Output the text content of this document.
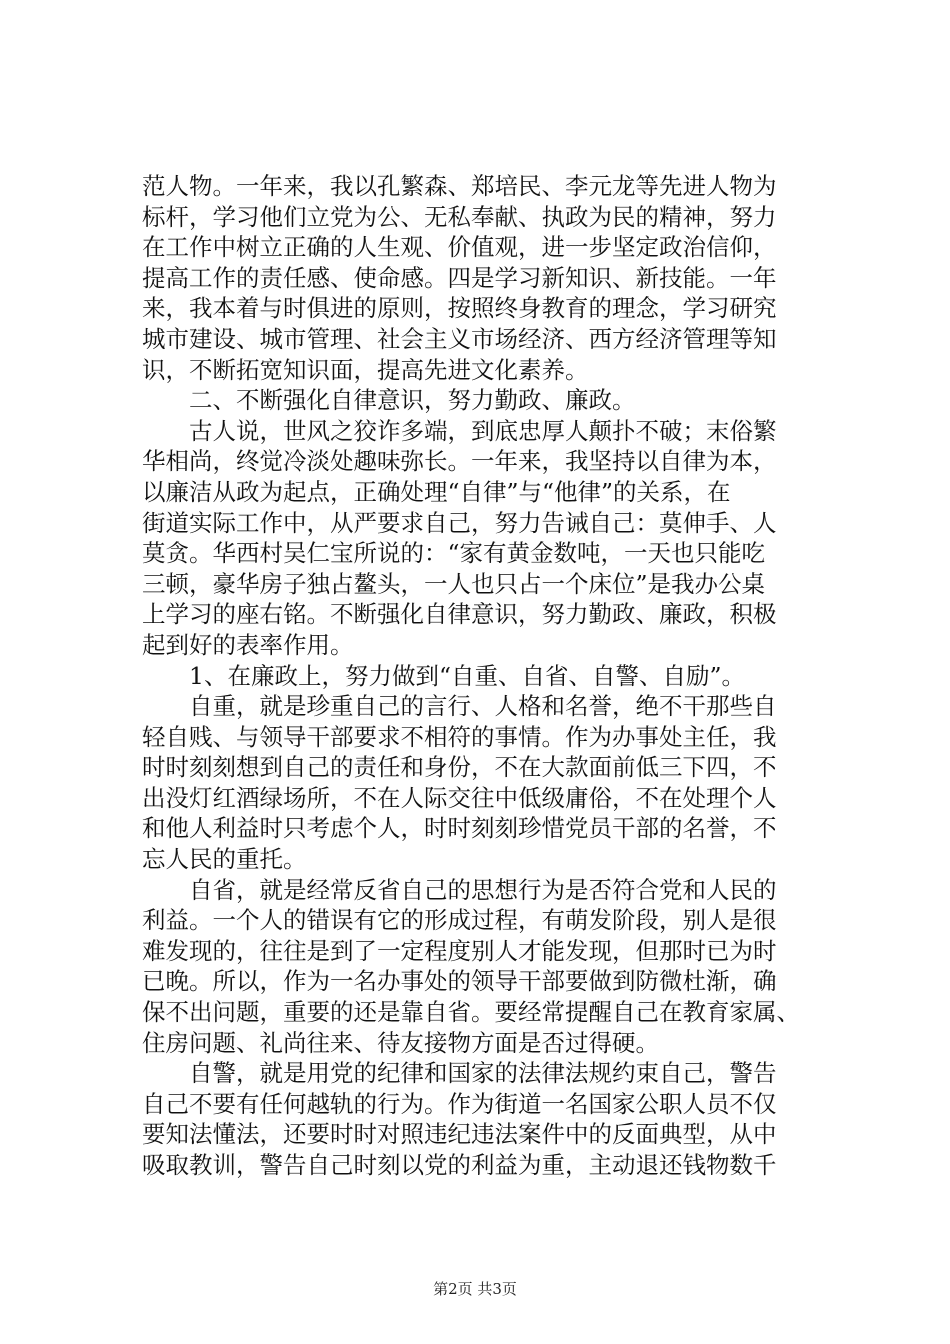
范人物。一年来，我以孔繁森、郑培民、李元龙等先进人物为
标杆，学习他们立党为公、无私奉献、执政为民的精神，努力
在工作中树立正确的人生观、价值观，进一步坚定政治信仰，
提高工作的责任感、使命感。四是学习新知识、新技能。一年
来，我本着与时俱进的原则，按照终身教育的理念，学习研究
城市建设、城市管理、社会主义市场经济、西方经济管理等知
识，不断拓宽知识面，提高先进文化素养。
二、不断强化自律意识，努力勤政、廉政。
古人说，世风之狡诈多端，到底忠厚人颠扑不破；末俗繁
华相尚，终觉冷淡处趣味弥长。一年来，我坚持以自律为本，
以廉洁从政为起点，正确处理“自律”与“他律”的关系，在
街道实际工作中，从严要求自己，努力告诫自己：莫伸手、人
莫贪。华西村吴仁宝所说的：“家有黄金数吨，一天也只能吃
三顿，豪华房子独占鳌头，一人也只占一个床位”是我办公桌
上学习的座右铭。不断强化自律意识，努力勤政、廉政，积极
起到好的表率作用。
1、在廉政上，努力做到“自重、自省、自警、自励”。
自重，就是珍重自己的言行、人格和名誉，绝不干那些自
轻自贱、与领导干部要求不相符的事情。作为办事处主任，我
时时刻刻想到自己的责任和身份，不在大款面前低三下四，不
出没灯红酒绿场所，不在人际交往中低级庸俗，不在处理个人
和他人利益时只考虑个人，时时刻刻珍惜党员干部的名誉，不
忘人民的重托。
自省，就是经常反省自己的思想行为是否符合党和人民的
利益。一个人的错误有它的形成过程，有萌发阶段，别人是很
难发现的，往往是到了一定程度别人才能发现，但那时已为时
已晚。所以，作为一名办事处的领导干部要做到防微杜渐，确
保不出问题，重要的还是靠自省。要经常提醒自己在教育家属、
住房问题、礼尚往来、待友接物方面是否过得硬。
自警，就是用党的纪律和国家的法律法规约束自己，警告
自己不要有任何越轨的行为。作为街道一名国家公职人员不仅
要知法懂法，还要时时对照违纪违法案件中的反面典型，从中
吸取教训，警告自己时刻以党的利益为重，主动退还钱物数千
第2页 共3页
